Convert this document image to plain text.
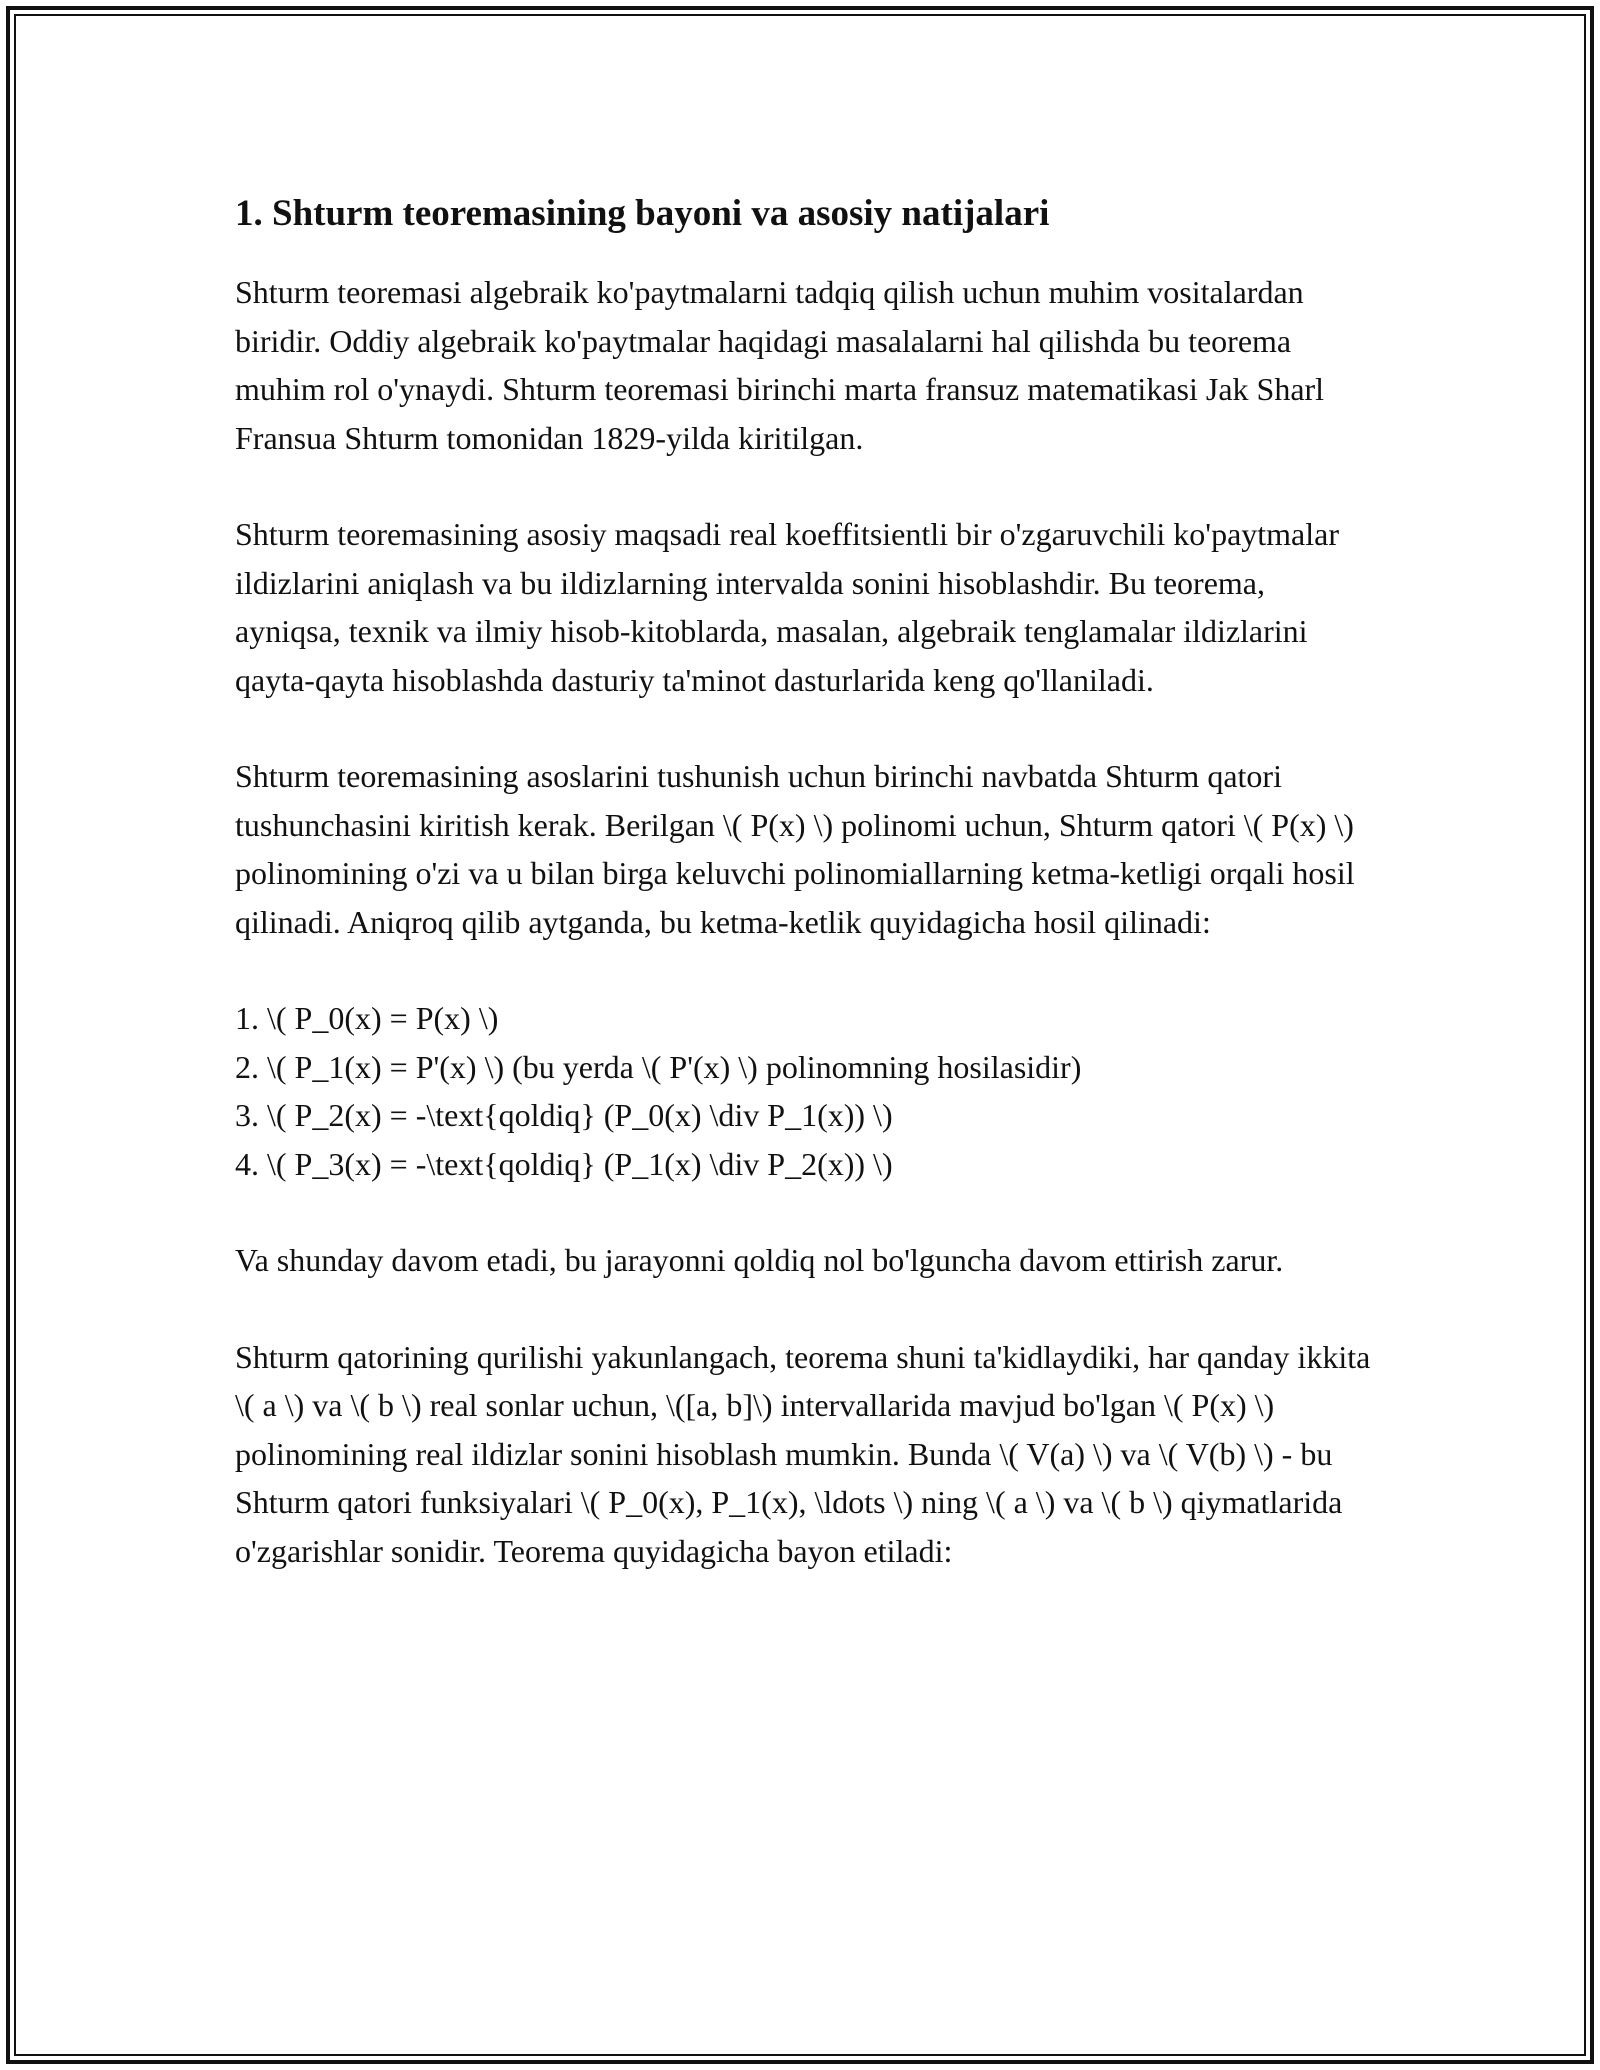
1. Shturm teoremasining bayoni va asosiy natijalari

Shturm teoremasi algebraik ko'paytmalarni tadqiq qilish uchun muhim vositalardan biridir. Oddiy algebraik ko'paytmalar haqidagi masalalarni hal qilishda bu teorema muhim rol o'ynaydi. Shturm teoremasi birinchi marta fransuz matematikasi Jak Sharl Fransua Shturm tomonidan 1829-yilda kiritilgan.

Shturm teoremasining asosiy maqsadi real koeffitsientli bir o'zgaruvchili ko'paytmalar ildizlarini aniqlash va bu ildizlarning intervalda sonini hisoblashdir. Bu teorema, ayniqsa, texnik va ilmiy hisob-kitoblarda, masalan, algebraik tenglamalar ildizlarini qayta-qayta hisoblashda dasturiy ta'minot dasturlarida keng qo'llaniladi.

Shturm teoremasining asoslarini tushunish uchun birinchi navbatda Shturm qatori tushunchasini kiritish kerak. Berilgan \( P(x) \) polinomi uchun, Shturm qatori \( P(x) \) polinomining o'zi va u bilan birga keluvchi polinomiallarning ketma-ketligi orqali hosil qilinadi. Aniqroq qilib aytganda, bu ketma-ketlik quyidagicha hosil qilinadi:

1. \( P_0(x) = P(x) \)
2. \( P_1(x) = P'(x) \) (bu yerda \( P'(x) \) polinomning hosilasidir)
3. \( P_2(x) = -\text{qoldiq} (P_0(x) \div P_1(x)) \)
4. \( P_3(x) = -\text{qoldiq} (P_1(x) \div P_2(x)) \)

Va shunday davom etadi, bu jarayonni qoldiq nol bo'lguncha davom ettirish zarur.

Shturm qatorining qurilishi yakunlangach, teorema shuni ta'kidlaydiki, har qanday ikkita \( a \) va \( b \) real sonlar uchun, \([a, b]\) intervallarida mavjud bo'lgan \( P(x) \) polinomining real ildizlar sonini hisoblash mumkin. Bunda \( V(a) \) va \( V(b) \) - bu Shturm qatori funksiyalari \( P_0(x), P_1(x), \ldots \) ning \( a \) va \( b \) qiymatlarida o'zgarishlar sonidir. Teorema quyidagicha bayon etiladi:
